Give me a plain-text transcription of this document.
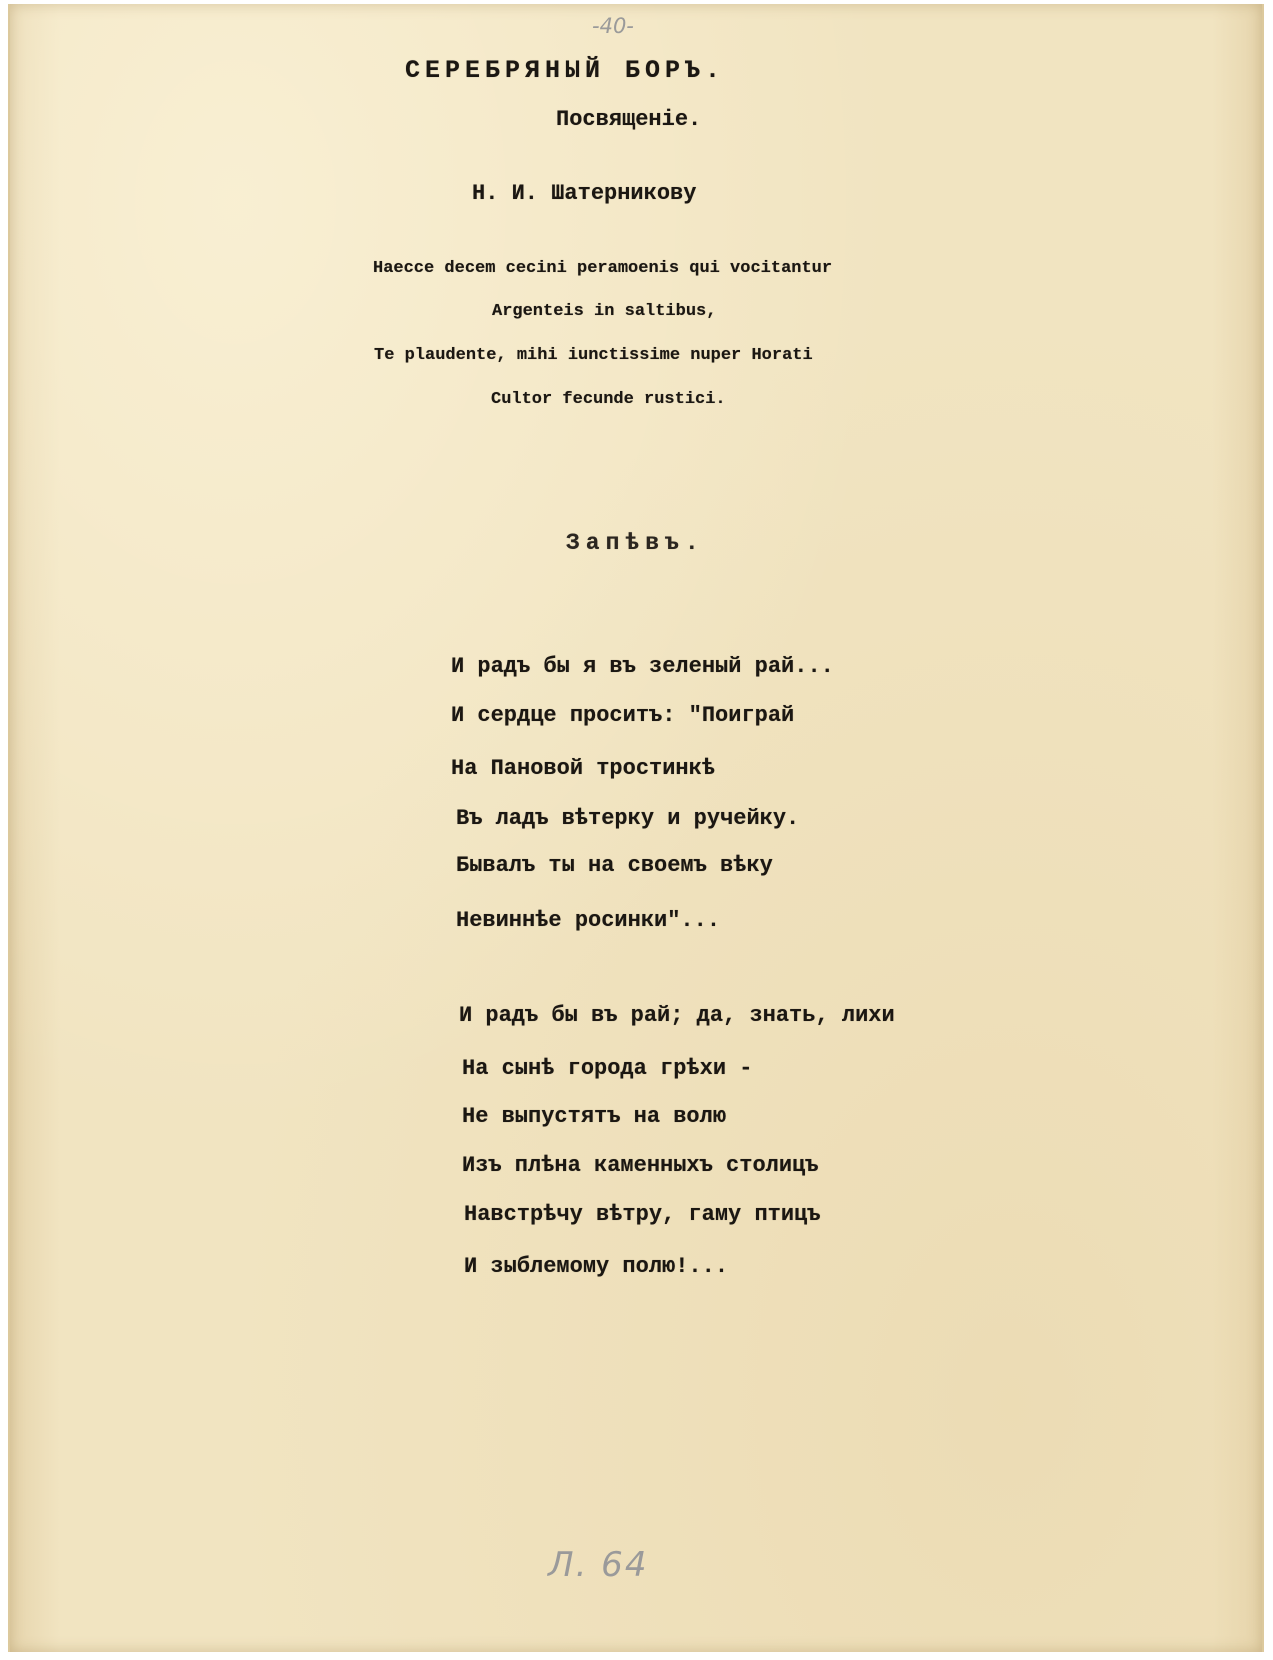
-40-
СЕРЕБРЯНЫЙ БОРЪ.
Посвященіе.
Н. И. Шатерникову
Haecce decem cecini peramoenis qui vocitantur
Argenteis in saltibus,
Te plaudente, mihi iunctissime nuper Horati
Cultor fecunde rustici.
Запѣвъ.
И радъ бы я въ зеленый рай...
И сердце проситъ: "Поиграй
На Пановой тростинкѣ
Въ ладъ вѣтерку и ручейку.
Бывалъ ты на своемъ вѣку
Невиннѣе росинки"...
И радъ бы въ рай; да, знать, лихи
На сынѣ города грѣхи -
Не выпустятъ на волю
Изъ плѣна каменныхъ столицъ
Навстрѣчу вѣтру, гаму птицъ
И зыблемому полю!...
Л. 64
